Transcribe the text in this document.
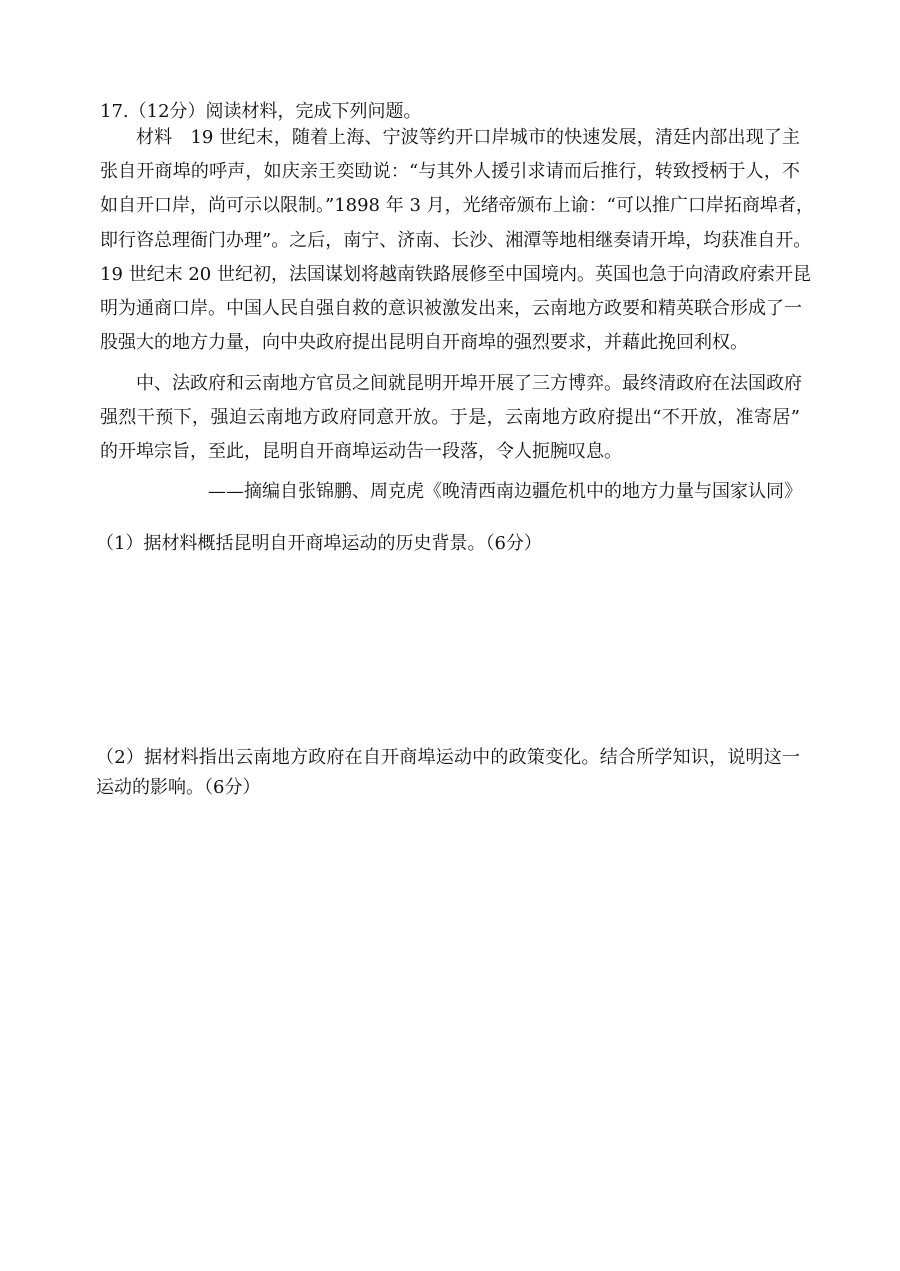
17.（12分）阅读材料，完成下列问题。
材料　19 世纪末，随着上海、宁波等约开口岸城市的快速发展，清廷内部出现了主
张自开商埠的呼声，如庆亲王奕劻说：“与其外人援引求请而后推行，转致授柄于人，不
如自开口岸，尚可示以限制。”1898 年 3 月，光绪帝颁布上谕：“可以推广口岸拓商埠者，
即行咨总理衙门办理”。之后，南宁、济南、长沙、湘潭等地相继奏请开埠，均获准自开。
19 世纪末 20 世纪初，法国谋划将越南铁路展修至中国境内。英国也急于向清政府索开昆
明为通商口岸。中国人民自强自救的意识被激发出来，云南地方政要和精英联合形成了一
股强大的地方力量，向中央政府提出昆明自开商埠的强烈要求，并藉此挽回利权。
中、法政府和云南地方官员之间就昆明开埠开展了三方博弈。最终清政府在法国政府
强烈干预下，强迫云南地方政府同意开放。于是，云南地方政府提出“不开放，准寄居”
的开埠宗旨，至此，昆明自开商埠运动告一段落，令人扼腕叹息。
——摘编自张锦鹏、周克虎《晚清西南边疆危机中的地方力量与国家认同》
（1）据材料概括昆明自开商埠运动的历史背景。（6分）
（2）据材料指出云南地方政府在自开商埠运动中的政策变化。结合所学知识，说明这一
运动的影响。（6分）
